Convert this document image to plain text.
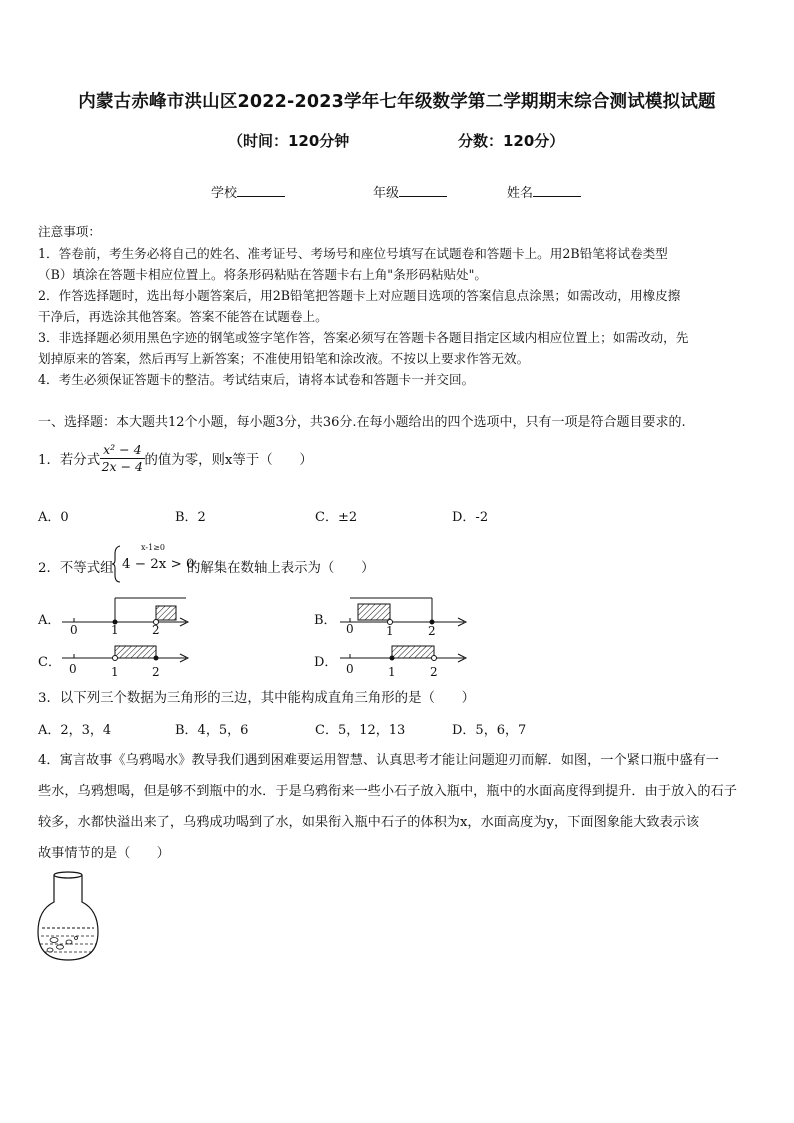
内蒙古赤峰市洪山区2022-2023学年七年级数学第二学期期末综合测试模拟试题
（时间：120分钟	分数：120分）
学校	年级	姓名
注意事项：
1．答卷前，考生务必将自己的姓名、准考证号、考场号和座位号填写在试题卷和答题卡上。用2B铅笔将试卷类型
（B）填涂在答题卡相应位置上。将条形码粘贴在答题卡右上角"条形码粘贴处"。
2．作答选择题时，选出每小题答案后，用2B铅笔把答题卡上对应题目选项的答案信息点涂黑；如需改动，用橡皮擦
干净后，再选涂其他答案。答案不能答在试题卷上。
3．非选择题必须用黑色字迹的钢笔或签字笔作答，答案必须写在答题卡各题目指定区域内相应位置上；如需改动，先
划掉原来的答案，然后再写上新答案；不准使用铅笔和涂改液。不按以上要求作答无效。
4．考生必须保证答题卡的整洁。考试结束后，请将本试卷和答题卡一并交回。
一、选择题：本大题共12个小题，每小题3分，共36分.在每小题给出的四个选项中，只有一项是符合题目要求的.
1．若分式 $\frac{\text{x² − 4}}{2x - 4}$ 的值为零，则x等于（　　）
A．0	B．2	C．±2	D．-2
2．不等式组
x-1≥0
4 − 2x > 0
的解集在数轴上表示为（　　）
A．	B．
C．	D．
0	1	2	0	1	2
0	1	2	0	1	2
3．以下列三个数据为三角形的三边，其中能构成直角三角形的是（　　）
A．2，3，4	B．4，5，6	C．5，12，13	D．5，6，7
4．寓言故事《乌鸦喝水》教导我们遇到困难要运用智慧、认真思考才能让问题迎刃而解．如图，一个紧口瓶中盛有一
些水，乌鸦想喝，但是够不到瓶中的水．于是乌鸦衔来一些小石子放入瓶中，瓶中的水面高度得到提升．由于放入的石子
较多，水都快溢出来了，乌鸦成功喝到了水，如果衔入瓶中石子的体积为x，水面高度为y，下面图象能大致表示该
故事情节的是（　　）
